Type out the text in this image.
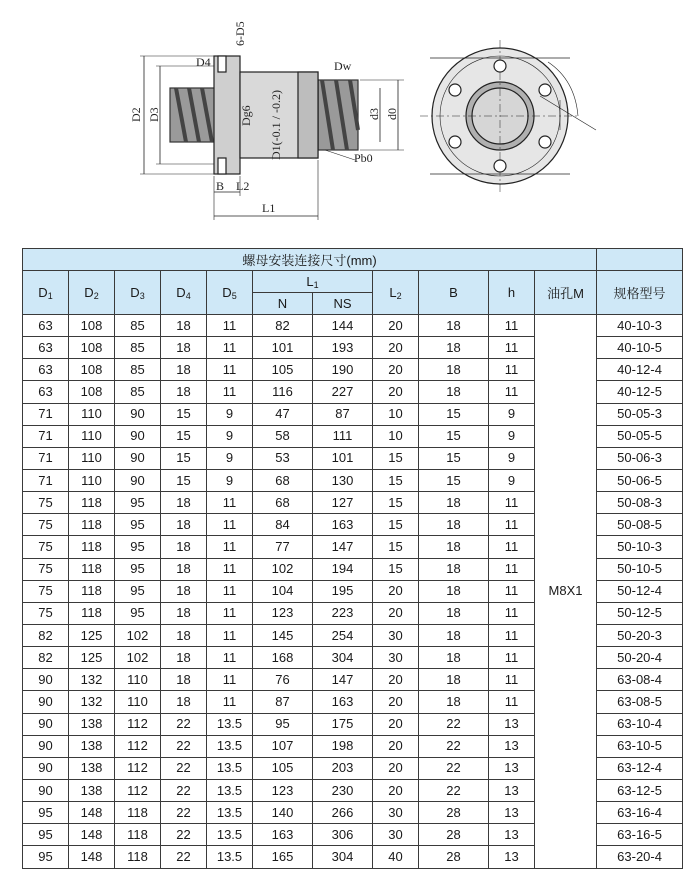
6-D5
D4	Dw
D2 D3	Dg6 D1(-0.1 / -0.2)	d3 d0
Pb0
B L2
L1
螺母安装连接尺寸(mm)											
$D_1$	$D_2$	$D_3$	$D_4$	$D_5$	$L_1$		$L_2$	B	h	油孔M	规格型号
					N	NS					
63	108	85	18	11	82	144	20	18	11	M8X1	40-10-3
63	108	85	18	11	101	193	20	18	11		40-10-5
63	108	85	18	11	105	190	20	18	11		40-12-4
63	108	85	18	11	116	227	20	18	11		40-12-5
71	110	90	15	9	47	87	10	15	9		50-05-3
71	110	90	15	9	58	111	10	15	9		50-05-5
71	110	90	15	9	53	101	15	15	9		50-06-3
71	110	90	15	9	68	130	15	15	9		50-06-5
75	118	95	18	11	68	127	15	18	11		50-08-3
75	118	95	18	11	84	163	15	18	11		50-08-5
75	118	95	18	11	77	147	15	18	11		50-10-3
75	118	95	18	11	102	194	15	18	11		50-10-5
75	118	95	18	11	104	195	20	18	11		50-12-4
75	118	95	18	11	123	223	20	18	11		50-12-5
82	125	102	18	11	145	254	30	18	11		50-20-3
82	125	102	18	11	168	304	30	18	11		50-20-4
90	132	110	18	11	76	147	20	18	11		63-08-4
90	132	110	18	11	87	163	20	18	11		63-08-5
90	138	112	22	13.5	95	175	20	22	13		63-10-4
90	138	112	22	13.5	107	198	20	22	13		63-10-5
90	138	112	22	13.5	105	203	20	22	13		63-12-4
90	138	112	22	13.5	123	230	20	22	13		63-12-5
95	148	118	22	13.5	140	266	30	28	13		63-16-4
95	148	118	22	13.5	163	306	30	28	13		63-16-5
95	148	118	22	13.5	165	304	40	28	13		63-20-4
